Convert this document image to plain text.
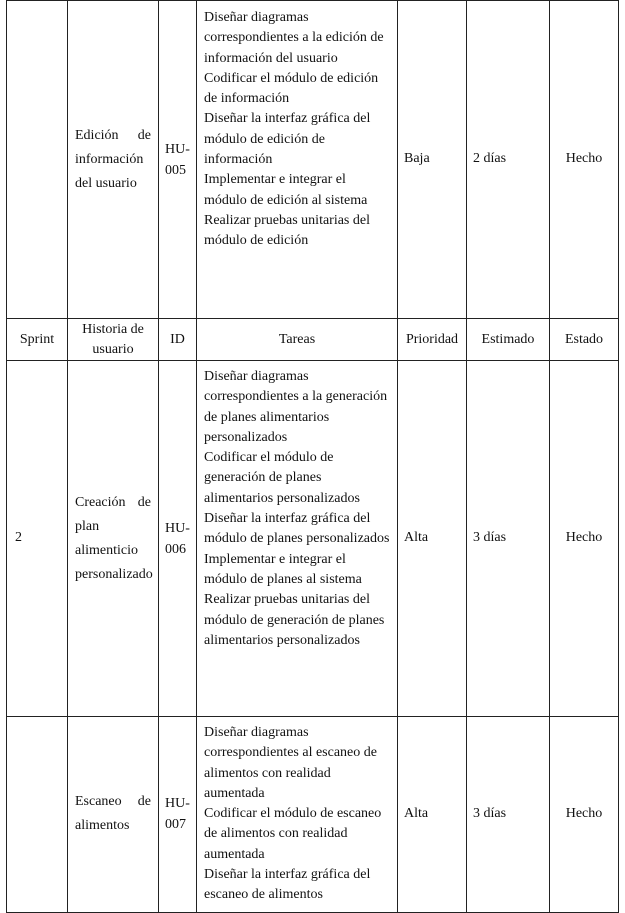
	Edición de información del usuario	HU-005	Diseñar diagramas correspondientes a la edición de información del usuario
Codificar el módulo de edición de información
Diseñar la interfaz gráfica del módulo de edición de información
Implementar e integrar el módulo de edición al sistema
Realizar pruebas unitarias del módulo de edición	Baja	2 días	Hecho
Sprint	Historia de usuario	ID	Tareas	Prioridad	Estimado	Estado
2	Creación de plan alimenticio personalizado	HU-006	Diseñar diagramas correspondientes a la generación de planes alimentarios personalizados
Codificar el módulo de generación de planes alimentarios personalizados
Diseñar la interfaz gráfica del módulo de planes personalizados
Implementar e integrar el módulo de planes al sistema
Realizar pruebas unitarias del módulo de generación de planes alimentarios personalizados	Alta	3 días	Hecho
	Escaneo de alimentos	HU-007	Diseñar diagramas correspondientes al escaneo de alimentos con realidad aumentada
Codificar el módulo de escaneo de alimentos con realidad aumentada
Diseñar la interfaz gráfica del escaneo de alimentos	Alta	3 días	Hecho
